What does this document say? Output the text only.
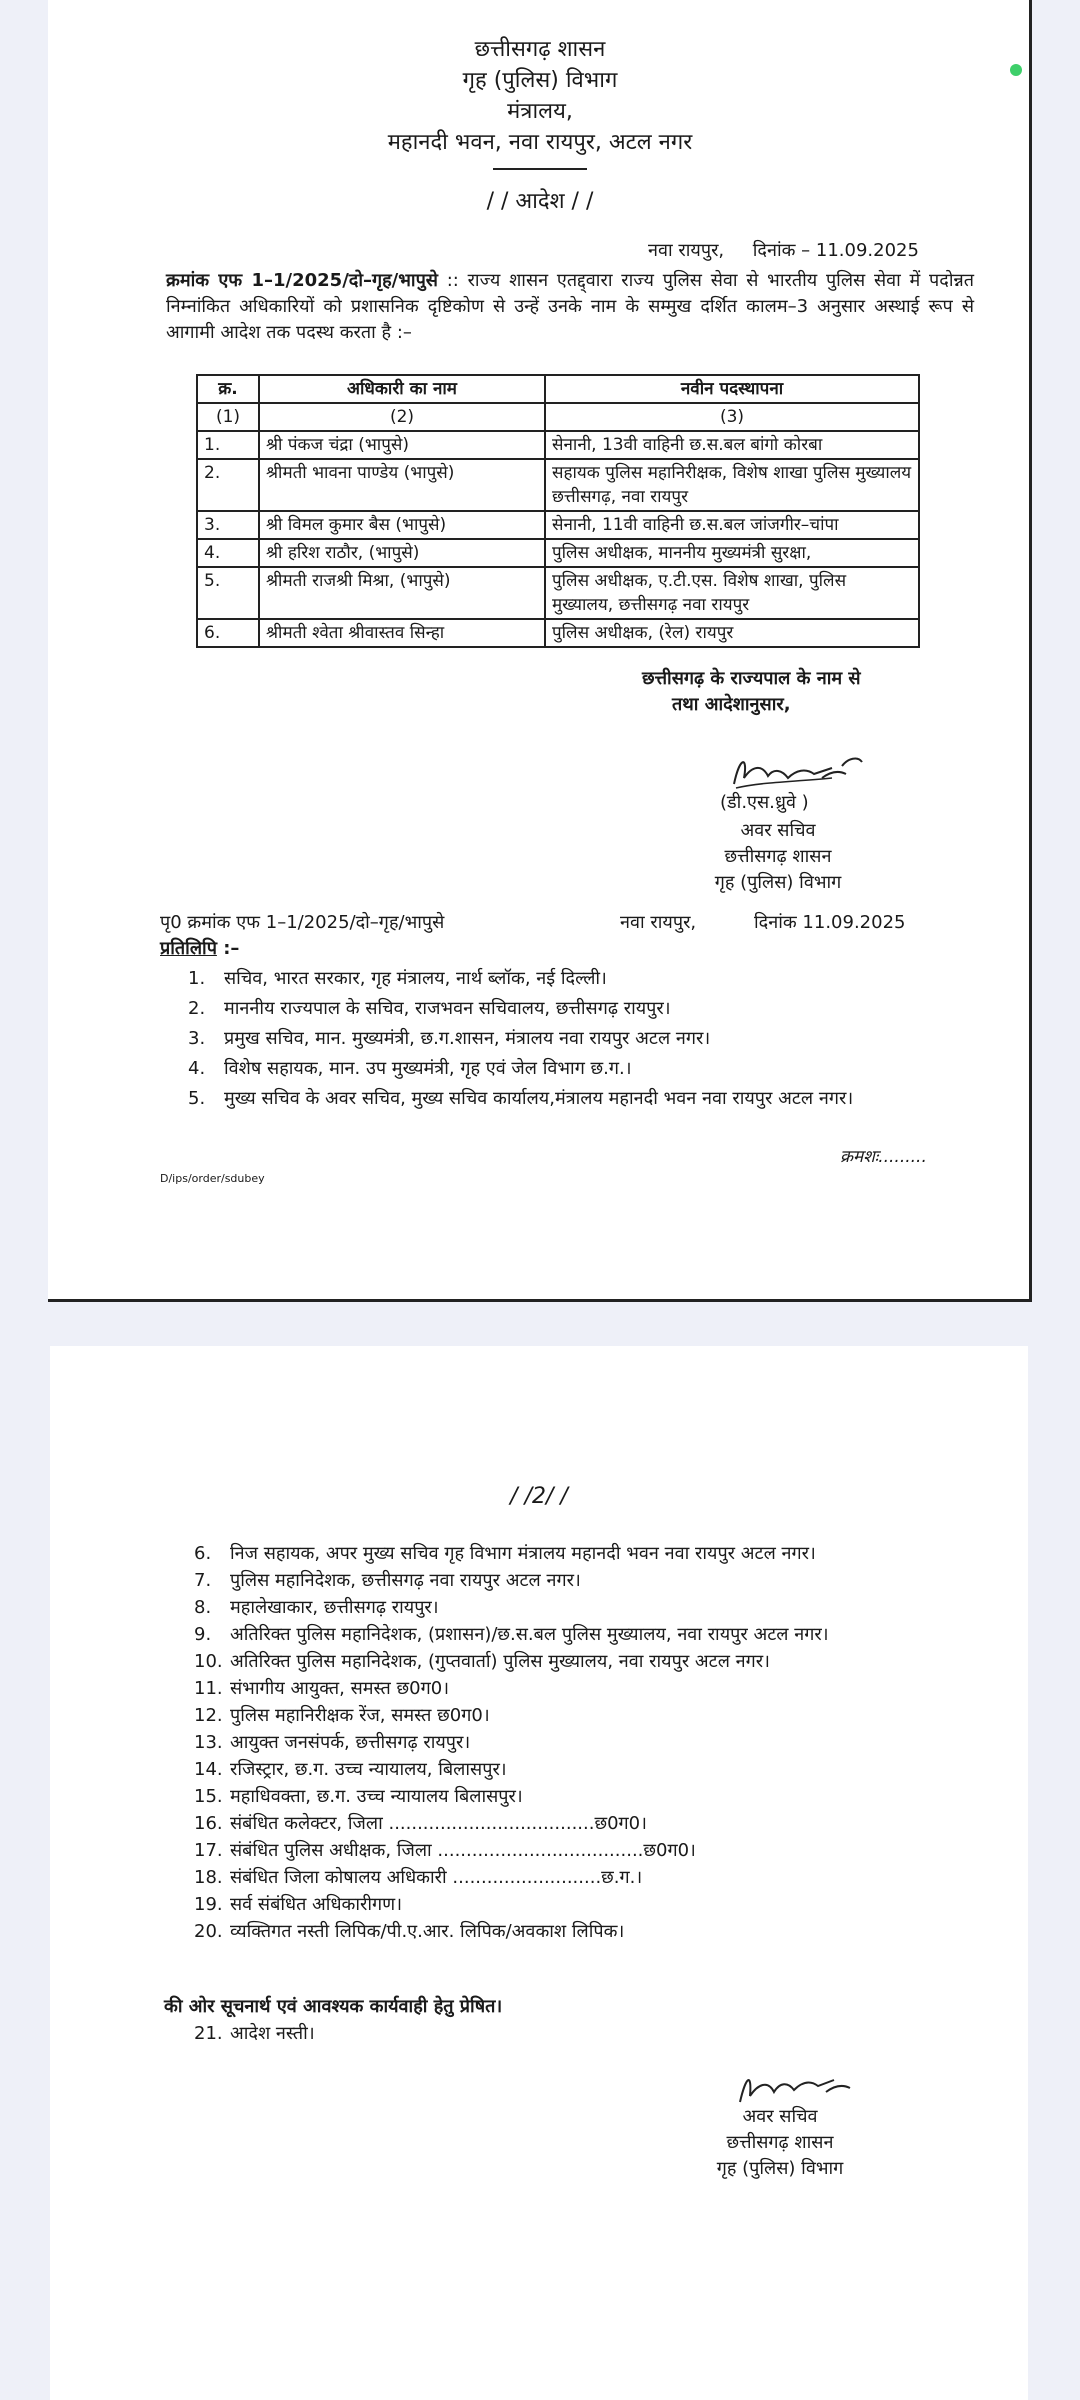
छत्तीसगढ़ शासन
गृह (पुलिस) विभाग
मंत्रालय,
महानदी भवन, नवा रायपुर, अटल नगर
/ / आदेश / /
नवा रायपुर,     दिनांक – 11.09.2025
क्रमांक एफ 1–1/2025/दो–गृह/भापुसे :: राज्य शासन एतद्द्वारा राज्य पुलिस सेवा से भारतीय पुलिस सेवा में पदोन्नत निम्नांकित अधिकारियों को प्रशासनिक दृष्टिकोण से उन्हें उनके नाम के सम्मुख दर्शित कालम–3 अनुसार अस्थाई रूप से आगामी आदेश तक पदस्थ करता है :–
क्र.	अधिकारी का नाम	नवीन पदस्थापना
(1)	(2)	(3)
1.	श्री पंकज चंद्रा (भापुसे)	सेनानी, 13वी वाहिनी छ.स.बल बांगो कोरबा
2.	श्रीमती भावना पाण्डेय (भापुसे)	सहायक पुलिस महानिरीक्षक, विशेष शाखा पुलिस मुख्यालय छत्तीसगढ़, नवा रायपुर
3.	श्री विमल कुमार बैस (भापुसे)	सेनानी, 11वी वाहिनी छ.स.बल जांजगीर–चांपा
4.	श्री हरिश राठौर, (भापुसे)	पुलिस अधीक्षक, माननीय मुख्यमंत्री सुरक्षा,
5.	श्रीमती राजश्री मिश्रा, (भापुसे)	पुलिस अधीक्षक, ए.टी.एस. विशेष शाखा, पुलिस मुख्यालय, छत्तीसगढ़ नवा रायपुर
6.	श्रीमती श्वेता श्रीवास्तव सिन्हा	पुलिस अधीक्षक, (रेल) रायपुर
छत्तीसगढ़ के राज्यपाल के नाम से
तथा आदेशानुसार,
(डी.एस.ध्रुवे )
अवर सचिव
छत्तीसगढ़ शासन
गृह (पुलिस) विभाग
पृ0 क्रमांक एफ 1–1/2025/दो–गृह/भापुसे	नवा रायपुर,	दिनांक 11.09.2025
प्रतिलिपि :–
1. सचिव, भारत सरकार, गृह मंत्रालय, नार्थ ब्लॉक, नई दिल्ली।
2. माननीय राज्यपाल के सचिव, राजभवन सचिवालय, छत्तीसगढ़ रायपुर।
3. प्रमुख सचिव, मान. मुख्यमंत्री, छ.ग.शासन, मंत्रालय नवा रायपुर अटल नगर।
4. विशेष सहायक, मान. उप मुख्यमंत्री, गृह एवं जेल विभाग छ.ग.।
5. मुख्य सचिव के अवर सचिव, मुख्य सचिव कार्यालय,मंत्रालय महानदी भवन नवा रायपुर अटल नगर।
क्रमशः.........
D/ips/order/sdubey
/ /2/ /
6. निज सहायक, अपर मुख्य सचिव गृह विभाग मंत्रालय महानदी भवन नवा रायपुर अटल नगर।
7. पुलिस महानिदेशक, छत्तीसगढ़ नवा रायपुर अटल नगर।
8. महालेखाकार, छत्तीसगढ़ रायपुर।
9. अतिरिक्त पुलिस महानिदेशक, (प्रशासन)/छ.स.बल पुलिस मुख्यालय, नवा रायपुर अटल नगर।
10. अतिरिक्त पुलिस महानिदेशक, (गुप्तवार्ता) पुलिस मुख्यालय, नवा रायपुर अटल नगर।
11. संभागीय आयुक्त, समस्त छ0ग0।
12. पुलिस महानिरीक्षक रेंज, समस्त छ0ग0।
13. आयुक्त जनसंपर्क, छत्तीसगढ़ रायपुर।
14. रजिस्ट्रार, छ.ग. उच्च न्यायालय, बिलासपुर।
15. महाधिवक्ता, छ.ग. उच्च न्यायालय बिलासपुर।
16. संबंधित कलेक्टर, जिला ....................................छ0ग0।
17. संबंधित पुलिस अधीक्षक, जिला ....................................छ0ग0।
18. संबंधित जिला कोषालय अधिकारी ..........................छ.ग.।
19. सर्व संबंधित अधिकारीगण।
20. व्यक्तिगत नस्ती लिपिक/पी.ए.आर. लिपिक/अवकाश लिपिक।
की ओर सूचनार्थ एवं आवश्यक कार्यवाही हेतु प्रेषित।
21. आदेश नस्ती।
अवर सचिव
छत्तीसगढ़ शासन
गृह (पुलिस) विभाग
